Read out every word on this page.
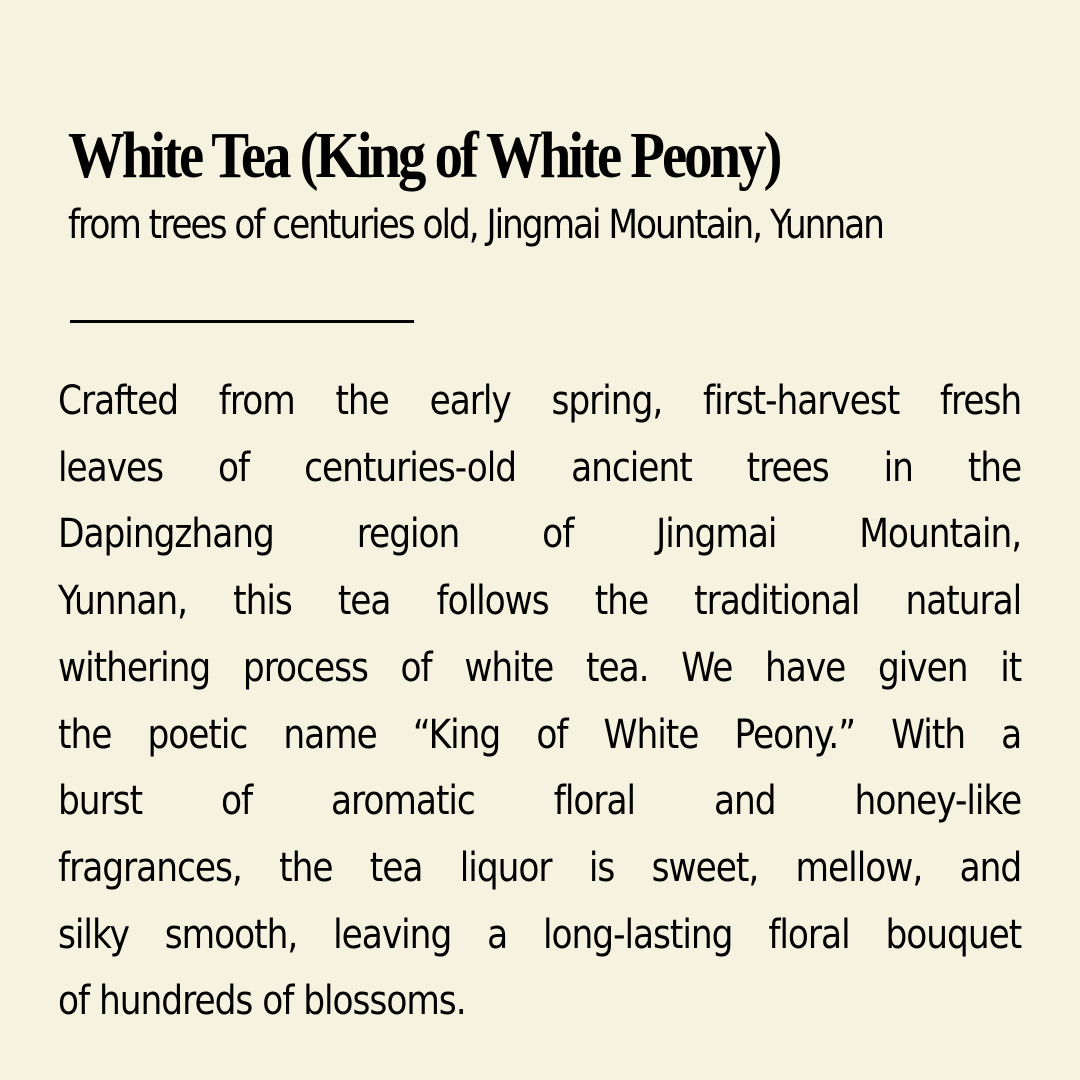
White Tea (King of White Peony)
from trees of centuries old, Jingmai Mountain, Yunnan
Crafted from the early spring, first-harvest fresh
leaves of centuries-old ancient trees in the
Dapingzhang region of Jingmai Mountain,
Yunnan, this tea follows the traditional natural
withering process of white tea. We have given it
the poetic name “King of White Peony.” With a
burst of aromatic floral and honey-like
fragrances, the tea liquor is sweet, mellow, and
silky smooth, leaving a long-lasting floral bouquet
of hundreds of blossoms.
